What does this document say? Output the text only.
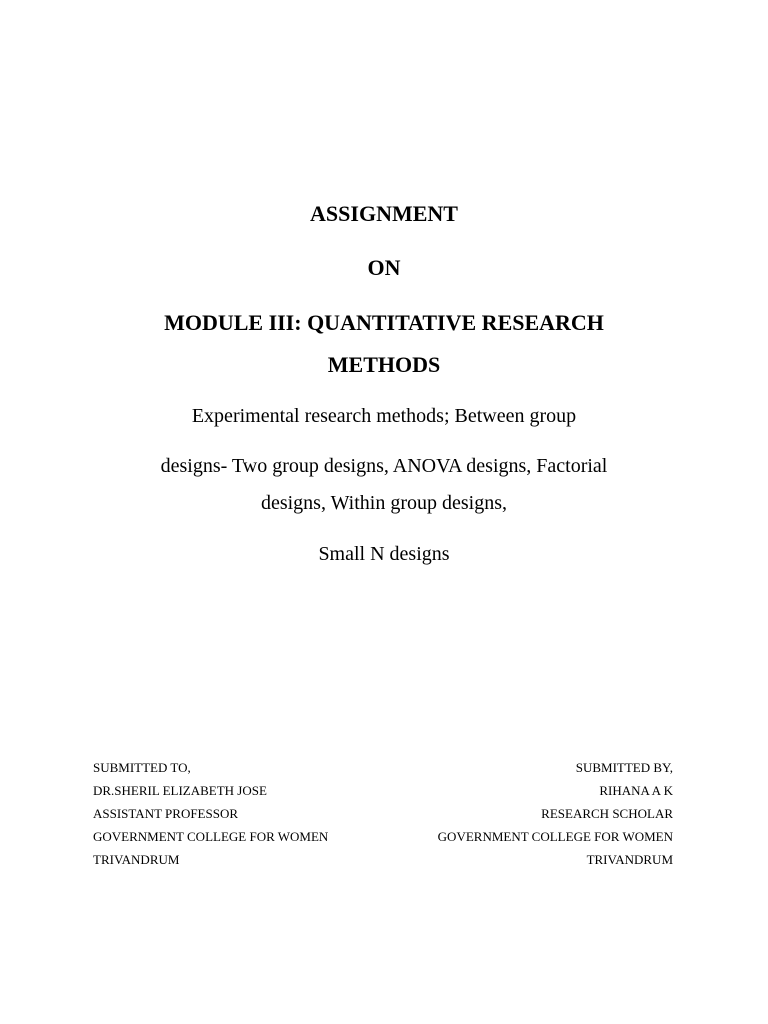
ASSIGNMENT
ON
MODULE III: QUANTITATIVE RESEARCH
METHODS
Experimental research methods; Between group
designs- Two group designs, ANOVA designs, Factorial
designs, Within group designs,
Small N designs
SUBMITTED TO,
DR.SHERIL ELIZABETH JOSE
ASSISTANT PROFESSOR
GOVERNMENT COLLEGE FOR WOMEN
TRIVANDRUM
SUBMITTED BY,
RIHANA A K
RESEARCH SCHOLAR
GOVERNMENT COLLEGE FOR WOMEN
TRIVANDRUM
